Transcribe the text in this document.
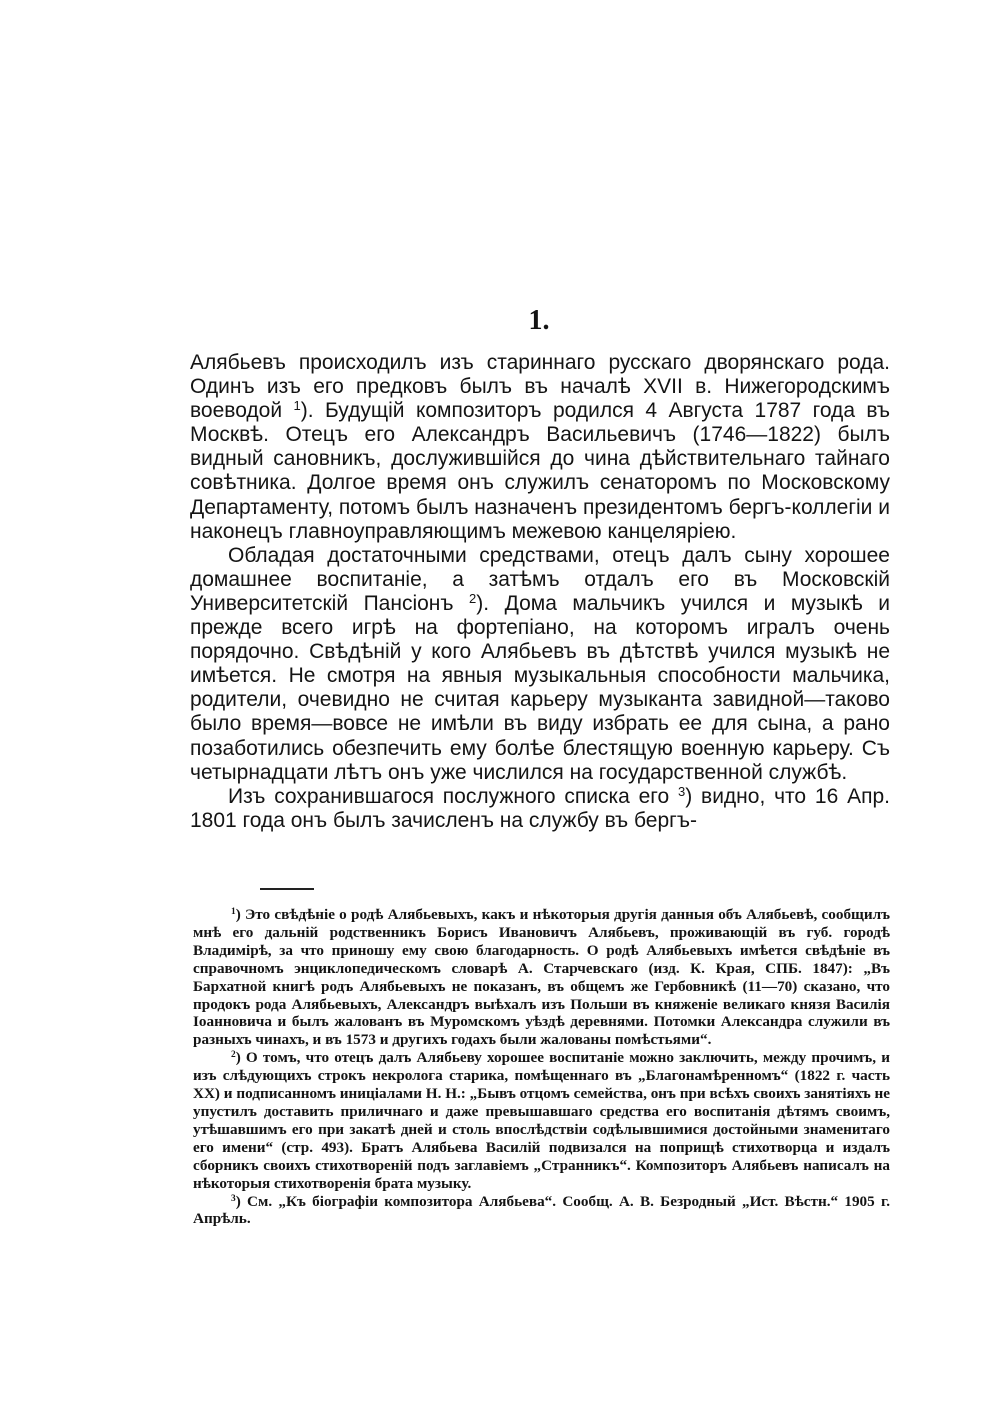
1.

Алябьевъ происходилъ изъ стариннаго русскаго дворянскаго рода. Одинъ изъ его предковъ былъ въ началѣ XVII в. Нижегородскимъ воеводой $^1$). Будущій композиторъ родился 4 Августа 1787 года въ Москвѣ. Отецъ его Александръ Васильевичъ (1746—1822) былъ видный сановникъ, дослужившійся до чина дѣйствительнаго тайнаго совѣтника. Долгое время онъ служилъ сенаторомъ по Московскому Департаменту, потомъ былъ назначенъ президентомъ бергъ-коллегіи и наконецъ главноуправляющимъ межевою канцеляріею.

Обладая достаточными средствами, отецъ далъ сыну хорошее домашнее воспитаніе, а затѣмъ отдалъ его въ Московскій Университетскій Пансіонъ $^2$). Дома мальчикъ учился и музыкѣ и прежде всего игрѣ на фортепіано, на которомъ игралъ очень порядочно. Свѣдѣній у кого Алябьевъ въ дѣтствѣ учился музыкѣ не имѣется. Не смотря на явныя музыкальныя способности мальчика, родители, очевидно не считая карьеру музыканта завидной—таково было время—вовсе не имѣли въ виду избрать ее для сына, а рано позаботились обезпечить ему болѣе блестящую военную карьеру. Съ четырнадцати лѣтъ онъ уже числился на государственной службѣ.

Изъ сохранившагося послужного списка его $^3$) видно, что 16 Апр. 1801 года онъ былъ зачисленъ на службу въ бергъ-

$^1$) Это свѣдѣніе о родѣ Алябьевыхъ, какъ и нѣкоторыя другія данныя объ Алябьевѣ, сообщилъ мнѣ его дальній родственникъ Борисъ Ивановичъ Алябьевъ, проживающій въ губ. городѣ Владимірѣ, за что приношу ему свою благодарность. О родѣ Алябьевыхъ имѣется свѣдѣніе въ справочномъ энциклопедическомъ словарѣ А. Старчевскаго (изд. К. Края, СПБ. 1847): „Въ Бархатной книгѣ родъ Алябьевыхъ не показанъ, въ общемъ же Гербовникѣ (11—70) сказано, что продокъ рода Алябьевыхъ, Александръ выѣхалъ изъ Польши въ княженіе великаго князя Василія Іоанновича и былъ жалованъ въ Муромскомъ уѣздѣ деревнями. Потомки Александра служили въ разныхъ чинахъ, и въ 1573 и другихъ годахъ были жалованы помѣстьями“.

$^2$) О томъ, что отецъ далъ Алябьеву хорошее воспитаніе можно заключить, между прочимъ, и изъ слѣдующихъ строкъ некролога старика, помѣщеннаго въ „Благонамѣренномъ“ (1822 г. часть XX) и подписанномъ иниціалами Н. Н.: „Бывъ отцомъ семейства, онъ при всѣхъ своихъ занятіяхъ не упустилъ доставить приличнаго и даже превышавшаго средства его воспитанія дѣтямъ своимъ, утѣшавшимъ его при закатѣ дней и столь впослѣдствіи содѣлывшимися достойными знаменитаго его имени“ (стр. 493). Братъ Алябьева Василій подвизался на поприщѣ стихотворца и издалъ сборникъ своихъ стихотвореній подъ заглавіемъ „Странникъ“. Композиторъ Алябьевъ написалъ на нѣкоторыя стихотворенія брата музыку.

$^3$) См. „Къ біографіи композитора Алябьева“. Сообщ. А. В. Безродный „Ист. Вѣстн.“ 1905 г. Апрѣль.
